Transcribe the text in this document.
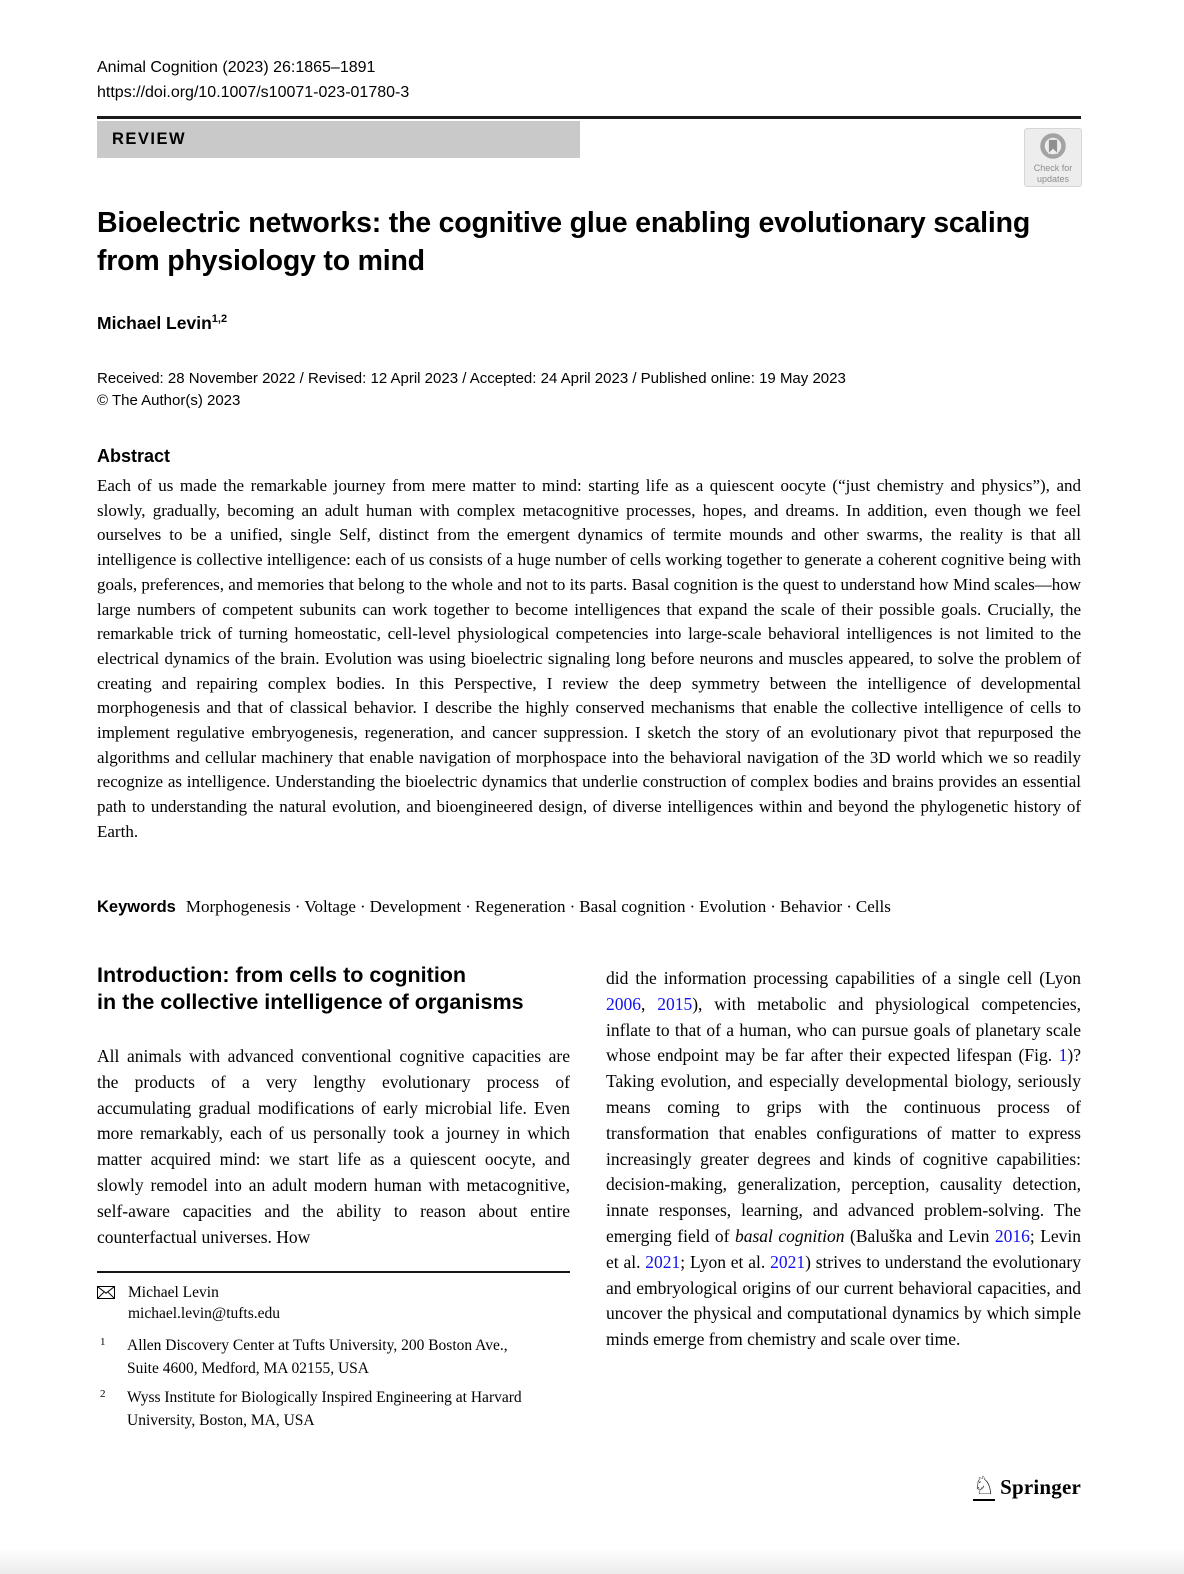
Animal Cognition (2023) 26:1865–1891
https://doi.org/10.1007/s10071-023-01780-3
REVIEW
Check for
updates
Bioelectric networks: the cognitive glue enabling evolutionary scaling
from physiology to mind
Michael Levin$^{1,2}$
Received: 28 November 2022 / Revised: 12 April 2023 / Accepted: 24 April 2023 / Published online: 19 May 2023
© The Author(s) 2023
Abstract
Each of us made the remarkable journey from mere matter to mind: starting life as a quiescent oocyte (“just chemistry and physics”), and slowly, gradually, becoming an adult human with complex metacognitive processes, hopes, and dreams. In addition, even though we feel ourselves to be a unified, single Self, distinct from the emergent dynamics of termite mounds and other swarms, the reality is that all intelligence is collective intelligence: each of us consists of a huge number of cells working together to generate a coherent cognitive being with goals, preferences, and memories that belong to the whole and not to its parts. Basal cognition is the quest to understand how Mind scales—how large numbers of competent subunits can work together to become intelligences that expand the scale of their possible goals. Crucially, the remarkable trick of turning homeostatic, cell-level physiological competencies into large-scale behavioral intelligences is not limited to the electrical dynamics of the brain. Evolution was using bioelectric signaling long before neurons and muscles appeared, to solve the problem of creating and repairing complex bodies. In this Perspective, I review the deep symmetry between the intelligence of developmental morphogenesis and that of classical behavior. I describe the highly conserved mechanisms that enable the collective intelligence of cells to implement regulative embryogenesis, regeneration, and cancer suppression. I sketch the story of an evolutionary pivot that repurposed the algorithms and cellular machinery that enable navigation of morphospace into the behavioral navigation of the 3D world which we so readily recognize as intelligence. Understanding the bioelectric dynamics that underlie construction of complex bodies and brains provides an essential path to understanding the natural evolution, and bioengineered design, of diverse intelligences within and beyond the phylogenetic history of Earth.
Keywords Morphogenesis · Voltage · Development · Regeneration · Basal cognition · Evolution · Behavior · Cells
Introduction: from cells to cognition
in the collective intelligence of organisms
All animals with advanced conventional cognitive capacities are the products of a very lengthy evolutionary process of accumulating gradual modifications of early microbial life. Even more remarkably, each of us personally took a journey in which matter acquired mind: we start life as a quiescent oocyte, and slowly remodel into an adult modern human with metacognitive, self-aware capacities and the ability to reason about entire counterfactual universes. How
did the information processing capabilities of a single cell (Lyon 2006, 2015), with metabolic and physiological competencies, inflate to that of a human, who can pursue goals of planetary scale whose endpoint may be far after their expected lifespan (Fig. 1)? Taking evolution, and especially developmental biology, seriously means coming to grips with the continuous process of transformation that enables configurations of matter to express increasingly greater degrees and kinds of cognitive capabilities: decision-making, generalization, perception, causality detection, innate responses, learning, and advanced problem-solving. The emerging field of basal cognition (Baluška and Levin 2016; Levin et al. 2021; Lyon et al. 2021) strives to understand the evolutionary and embryological origins of our current behavioral capacities, and uncover the physical and computational dynamics by which simple minds emerge from chemistry and scale over time.
Michael Levin
michael.levin@tufts.edu
1 Allen Discovery Center at Tufts University, 200 Boston Ave., Suite 4600, Medford, MA 02155, USA
2 Wyss Institute for Biologically Inspired Engineering at Harvard University, Boston, MA, USA
♘ Springer
